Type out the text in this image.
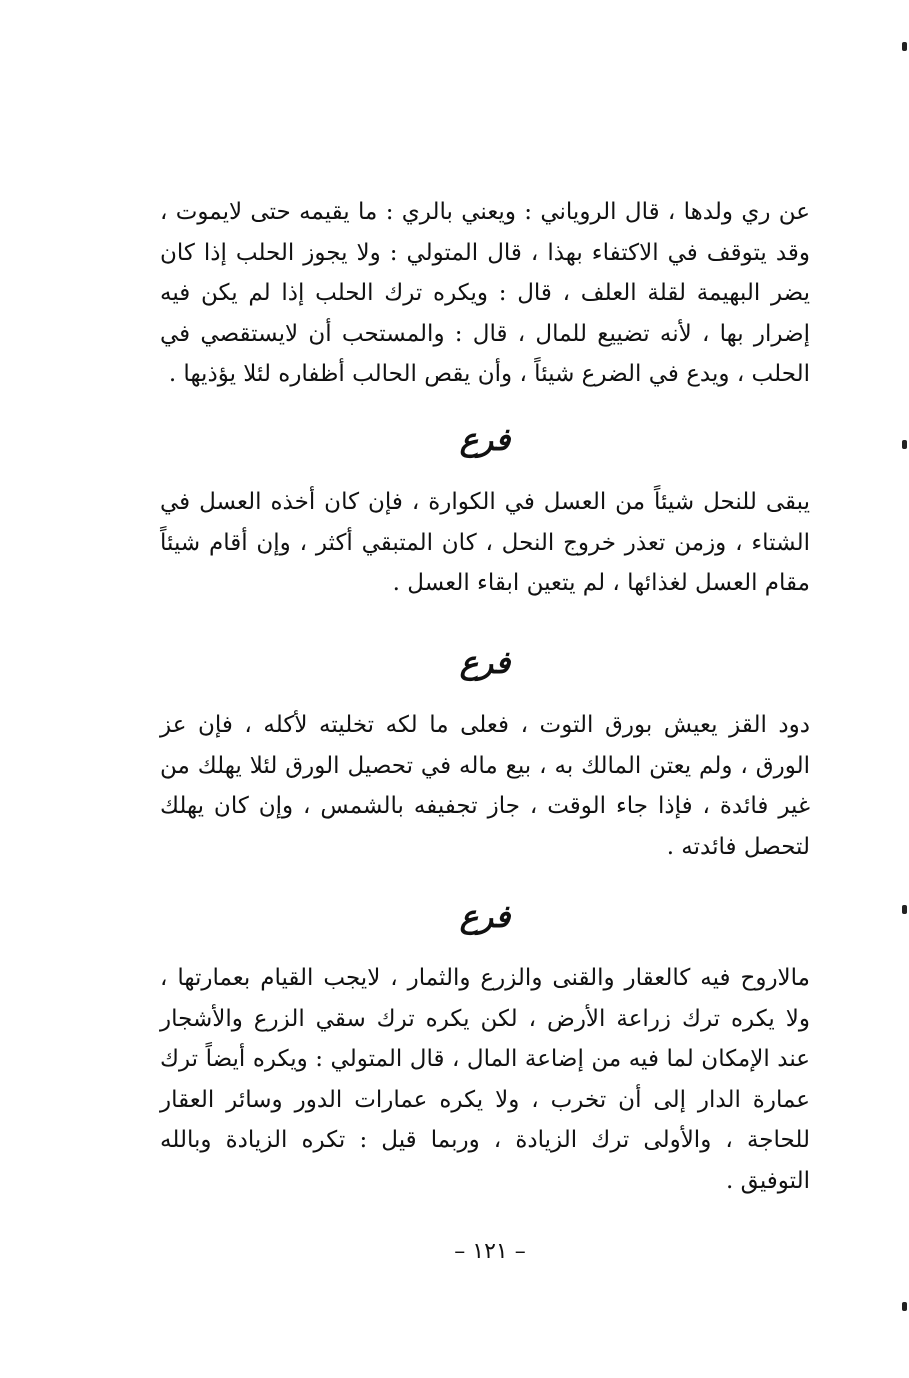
عن ري ولدها ، قال الروياني : ويعني بالري : ما يقيمه حتى لايموت ، وقد يتوقف في الاكتفاء بهذا ، قال المتولي : ولا يجوز الحلب إذا كان يضر البهيمة لقلة العلف ، قال : ويكره ترك الحلب إذا لم يكن فيه إضرار بها ، لأنه تضييع للمال ، قال : والمستحب أن لايستقصي في الحلب ، ويدع في الضرع شيئاً ، وأن يقص الحالب أظفاره لئلا يؤذيها .

فرع

يبقى للنحل شيئاً من العسل في الكوارة ، فإن كان أخذه العسل في الشتاء ، وزمن تعذر خروج النحل ، كان المتبقي أكثر ، وإن أقام شيئاً مقام العسل لغذائها ، لم يتعين ابقاء العسل .

فرع

دود القز يعيش بورق التوت ، فعلى ما لكه تخليته لأكله ، فإن عز الورق ، ولم يعتن المالك به ، بيع ماله في تحصيل الورق لئلا يهلك من غير فائدة ، فإذا جاء الوقت ، جاز تجفيفه بالشمس ، وإن كان يهلك لتحصل فائدته .

فرع

مالاروح فيه كالعقار والقنى والزرع والثمار ، لايجب القيام بعمارتها ، ولا يكره ترك زراعة الأرض ، لكن يكره ترك سقي الزرع والأشجار عند الإمكان لما فيه من إضاعة المال ، قال المتولي : ويكره أيضاً ترك عمارة الدار إلى أن تخرب ، ولا يكره عمارات الدور وسائر العقار للحاجة ، والأولى ترك الزيادة ، وربما قيل : تكره الزيادة وبالله التوفيق .

– ١٢١ –
